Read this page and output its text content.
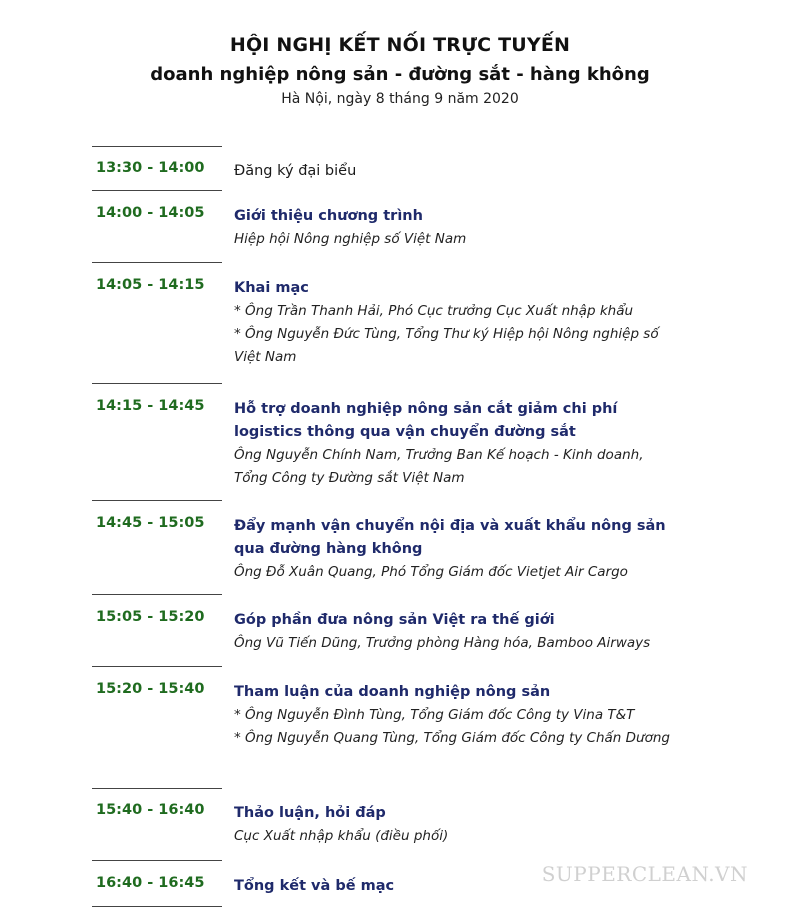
HỘI NGHỊ KẾT NỐI TRỰC TUYẾN
doanh nghiệp nông sản - đường sắt - hàng không
Hà Nội, ngày 8 tháng 9 năm 2020
13:30 - 14:00 Đăng ký đại biểu
14:00 - 14:05 Giới thiệu chương trình
Hiệp hội Nông nghiệp số Việt Nam
14:05 - 14:15 Khai mạc
* Ông Trần Thanh Hải, Phó Cục trưởng Cục Xuất nhập khẩu
* Ông Nguyễn Đức Tùng, Tổng Thư ký Hiệp hội Nông nghiệp số Việt Nam
14:15 - 14:45 Hỗ trợ doanh nghiệp nông sản cắt giảm chi phí logistics thông qua vận chuyển đường sắt
Ông Nguyễn Chính Nam, Trưởng Ban Kế hoạch - Kinh doanh, Tổng Công ty Đường sắt Việt Nam
14:45 - 15:05 Đẩy mạnh vận chuyển nội địa và xuất khẩu nông sản qua đường hàng không
Ông Đỗ Xuân Quang, Phó Tổng Giám đốc Vietjet Air Cargo
15:05 - 15:20 Góp phần đưa nông sản Việt ra thế giới
Ông Vũ Tiến Dũng, Trưởng phòng Hàng hóa, Bamboo Airways
15:20 - 15:40 Tham luận của doanh nghiệp nông sản
* Ông Nguyễn Đình Tùng, Tổng Giám đốc Công ty Vina T&T
* Ông Nguyễn Quang Tùng, Tổng Giám đốc Công ty Chấn Dương
15:40 - 16:40 Thảo luận, hỏi đáp
Cục Xuất nhập khẩu (điều phối)
16:40 - 16:45 Tổng kết và bế mạc	SUPPERCLEAN.VN
